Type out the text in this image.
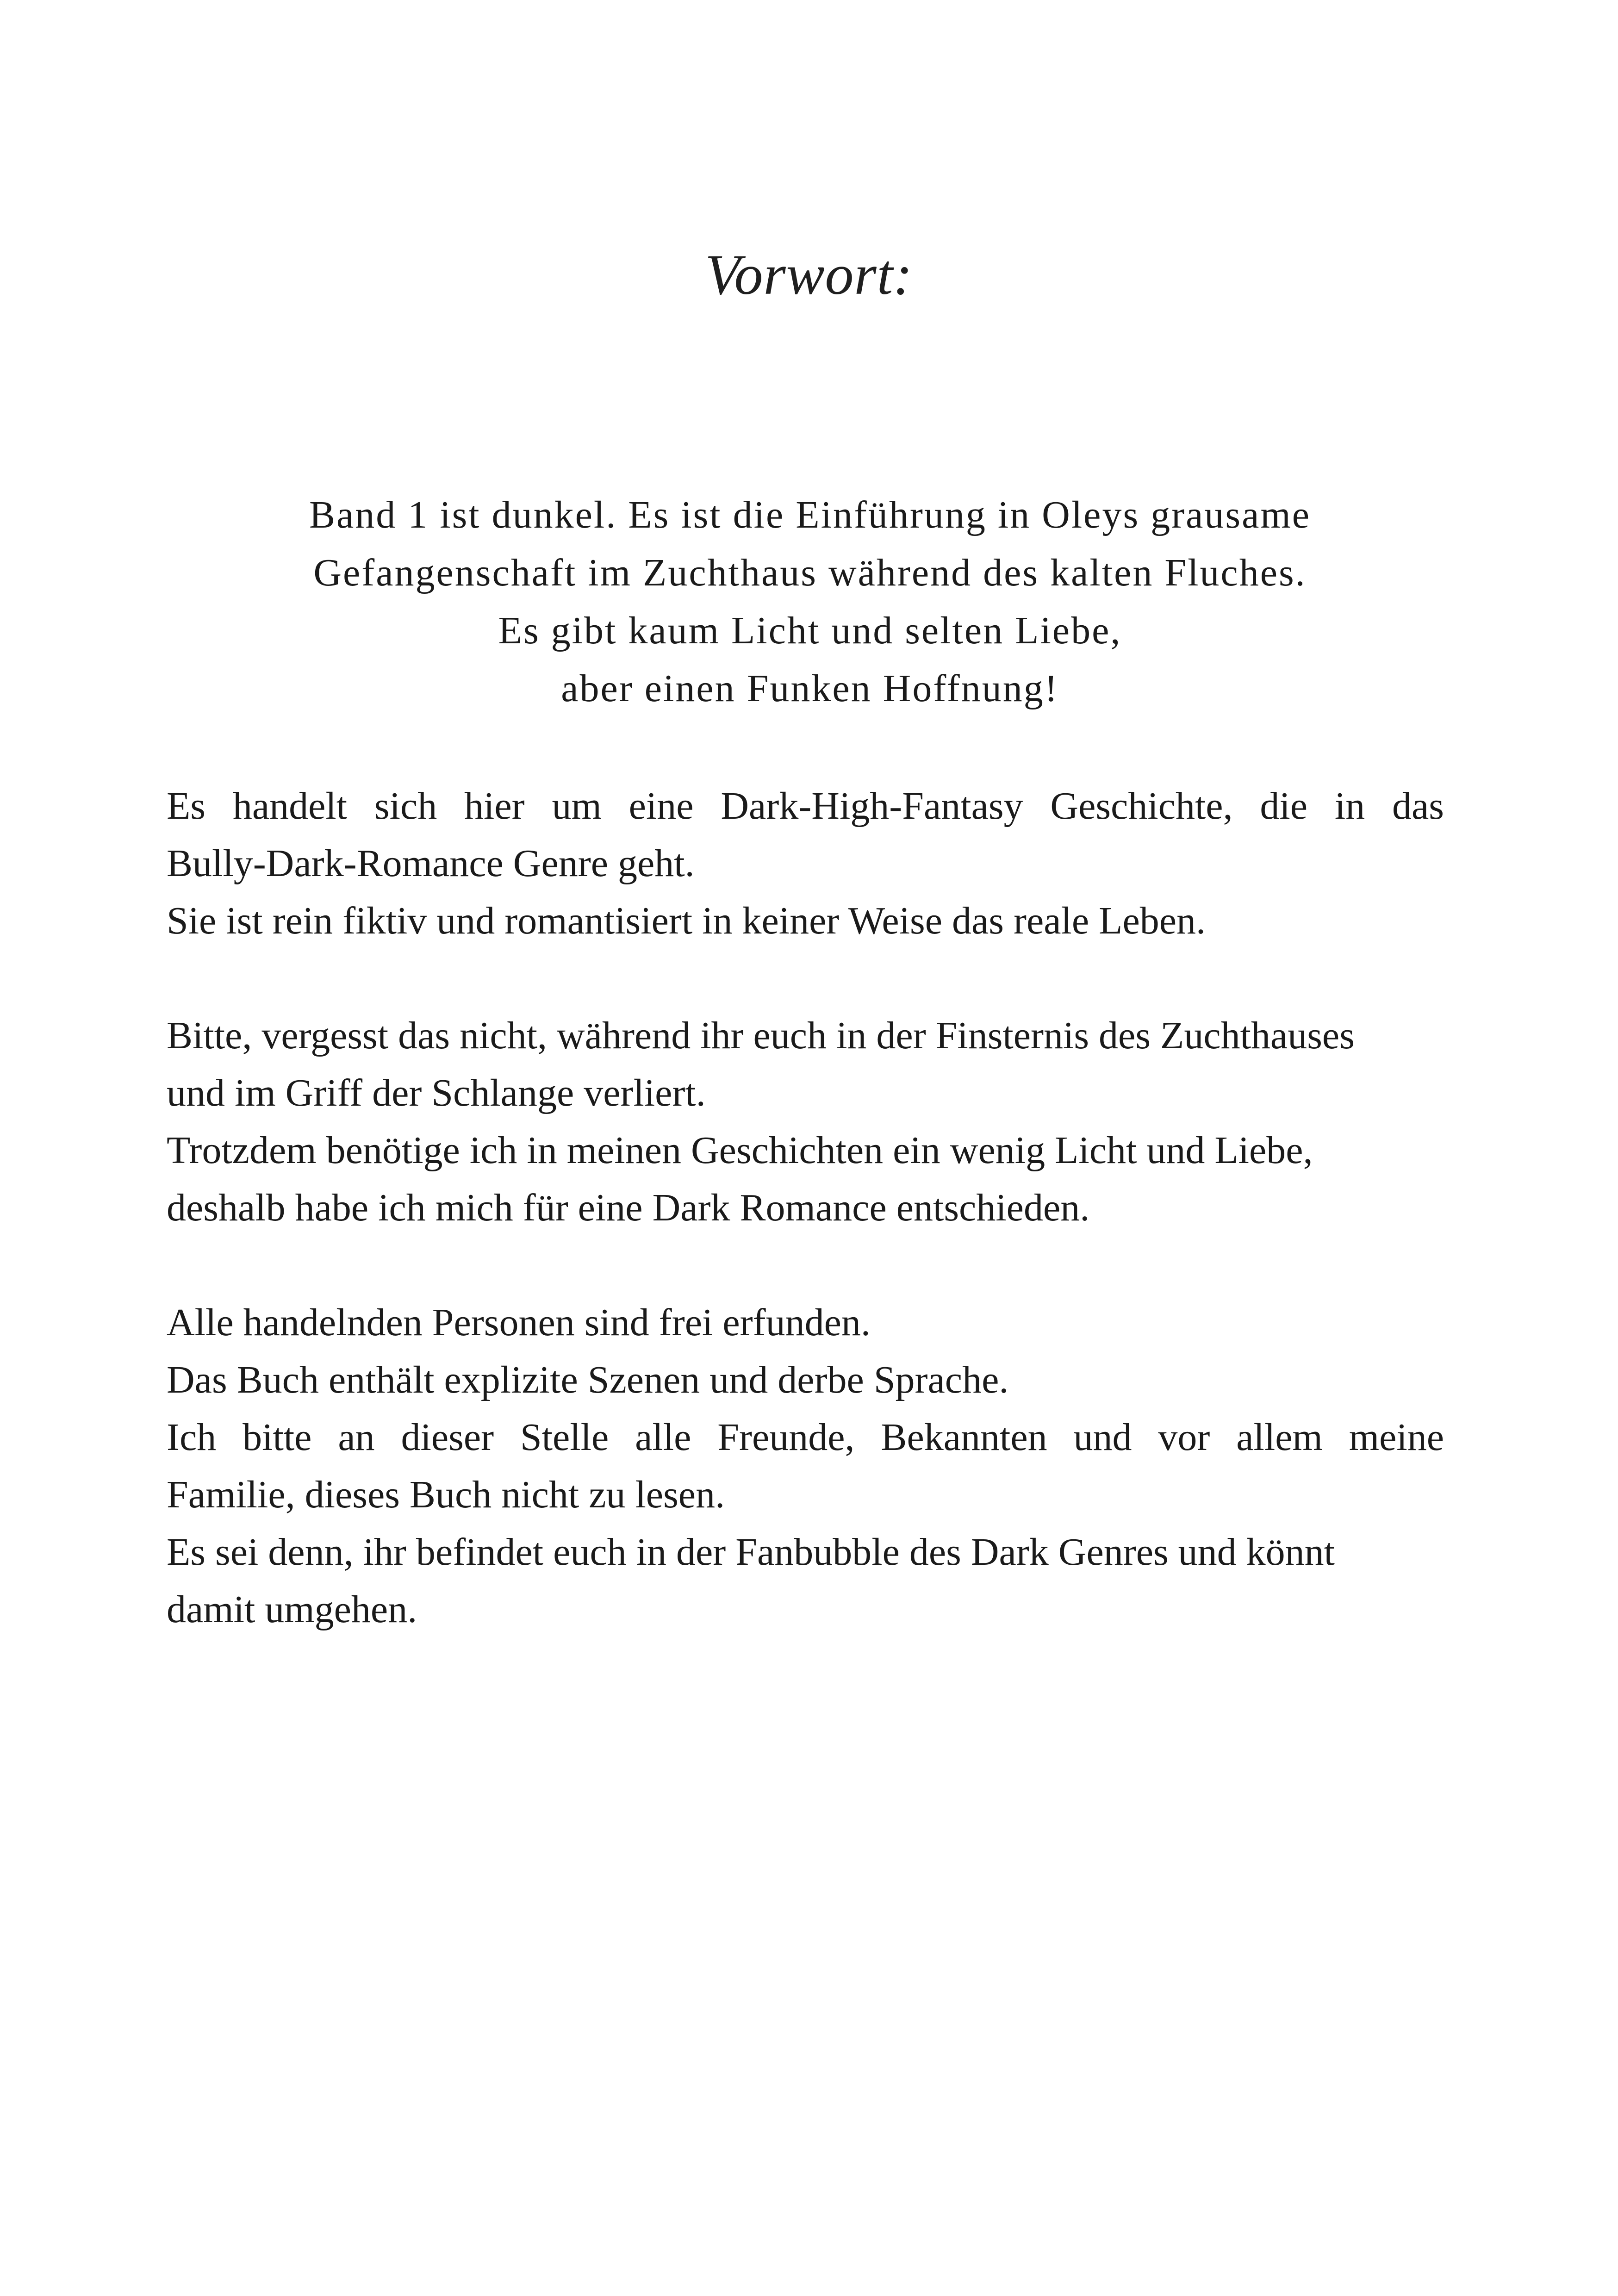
Vorwort:
Band 1 ist dunkel. Es ist die Einführung in Oleys grausame
Gefangenschaft im Zuchthaus während des kalten Fluches.
Es gibt kaum Licht und selten Liebe,
aber einen Funken Hoffnung!
Es handelt sich hier um eine Dark-High-Fantasy Geschichte, die in das
Bully-Dark-Romance Genre geht.
Sie ist rein fiktiv und romantisiert in keiner Weise das reale Leben.
Bitte, vergesst das nicht, während ihr euch in der Finsternis des Zuchthauses
und im Griff der Schlange verliert.
Trotzdem benötige ich in meinen Geschichten ein wenig Licht und Liebe,
deshalb habe ich mich für eine Dark Romance entschieden.
Alle handelnden Personen sind frei erfunden.
Das Buch enthält explizite Szenen und derbe Sprache.
Ich bitte an dieser Stelle alle Freunde, Bekannten und vor allem meine
Familie, dieses Buch nicht zu lesen.
Es sei denn, ihr befindet euch in der Fanbubble des Dark Genres und könnt
damit umgehen.
